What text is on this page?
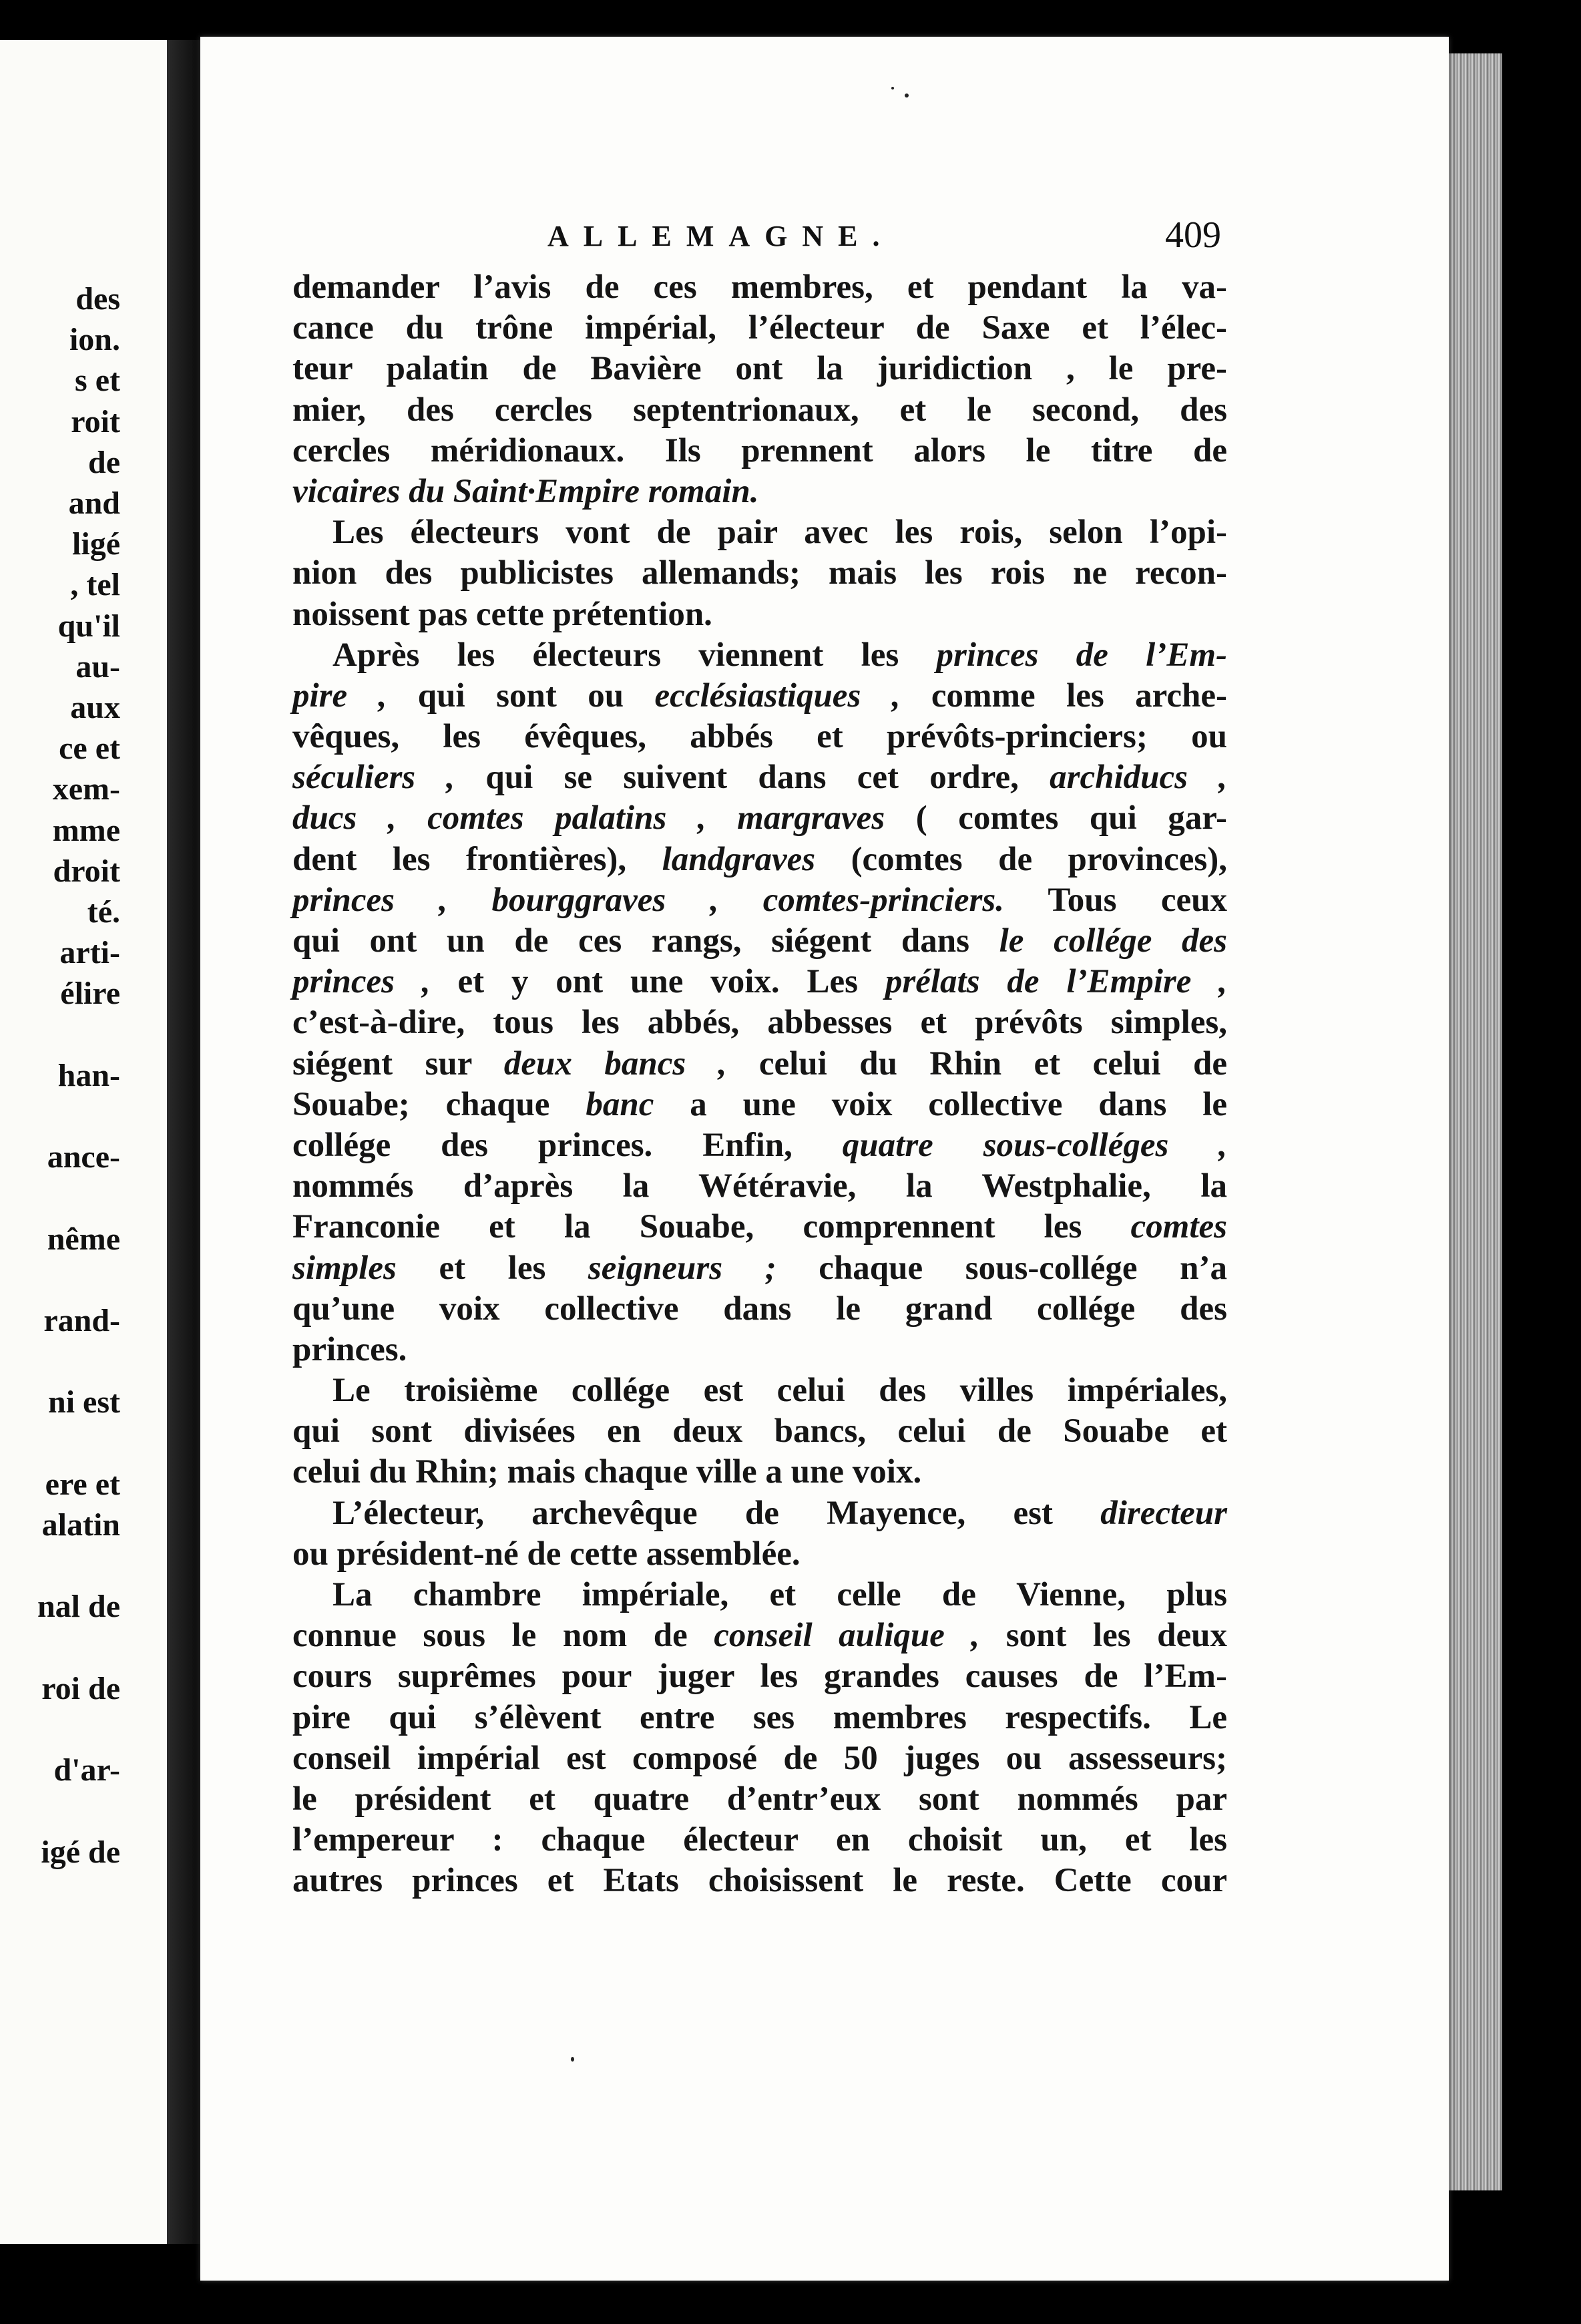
des
ion.
s et
roit
de
and
ligé
, tel
qu'il
au-
aux
ce et
xem-
mme
droit
té.
arti-
élire
han-
ance-
nême
rand-
ni est
ere et
alatin
nal de
roi de
d'ar-
igé de
ALLEMAGNE.	409
demander l’avis de ces membres, et pendant la va-
cance du trône impérial, l’électeur de Saxe et l’élec-
teur palatin de Bavière ont la juridiction , le pre-
mier, des cercles septentrionaux, et le second, des
cercles méridionaux. Ils prennent alors le titre de
vicaires du Saint·Empire romain.
Les électeurs vont de pair avec les rois, selon l’opi-
nion des publicistes allemands; mais les rois ne recon-
noissent pas cette prétention.
Après les électeurs viennent les princes de l’Em-
pire , qui sont ou ecclésiastiques , comme les arche-
vêques, les évêques, abbés et prévôts-princiers; ou
séculiers , qui se suivent dans cet ordre, archiducs ,
ducs , comtes palatins , margraves ( comtes qui gar-
dent les frontières), landgraves (comtes de provinces),
princes , bourggraves , comtes-princiers. Tous ceux
qui ont un de ces rangs, siégent dans le collége des
princes , et y ont une voix. Les prélats de l’Empire ,
c’est-à-dire, tous les abbés, abbesses et prévôts simples,
siégent sur deux bancs , celui du Rhin et celui de
Souabe; chaque banc a une voix collective dans le
collége des princes. Enfin, quatre sous-colléges ,
nommés d’après la Wétéravie, la Westphalie, la
Franconie et la Souabe, comprennent les comtes
simples et les seigneurs ; chaque sous-collége n’a
qu’une voix collective dans le grand collége des
princes.
Le troisième collége est celui des villes impériales,
qui sont divisées en deux bancs, celui de Souabe et
celui du Rhin; mais chaque ville a une voix.
L’électeur, archevêque de Mayence, est directeur
ou président-né de cette assemblée.
La chambre impériale, et celle de Vienne, plus
connue sous le nom de conseil aulique , sont les deux
cours suprêmes pour juger les grandes causes de l’Em-
pire qui s’élèvent entre ses membres respectifs. Le
conseil impérial est composé de 50 juges ou assesseurs;
le président et quatre d’entr’eux sont nommés par
l’empereur : chaque électeur en choisit un, et les
autres princes et Etats choisissent le reste. Cette cour
